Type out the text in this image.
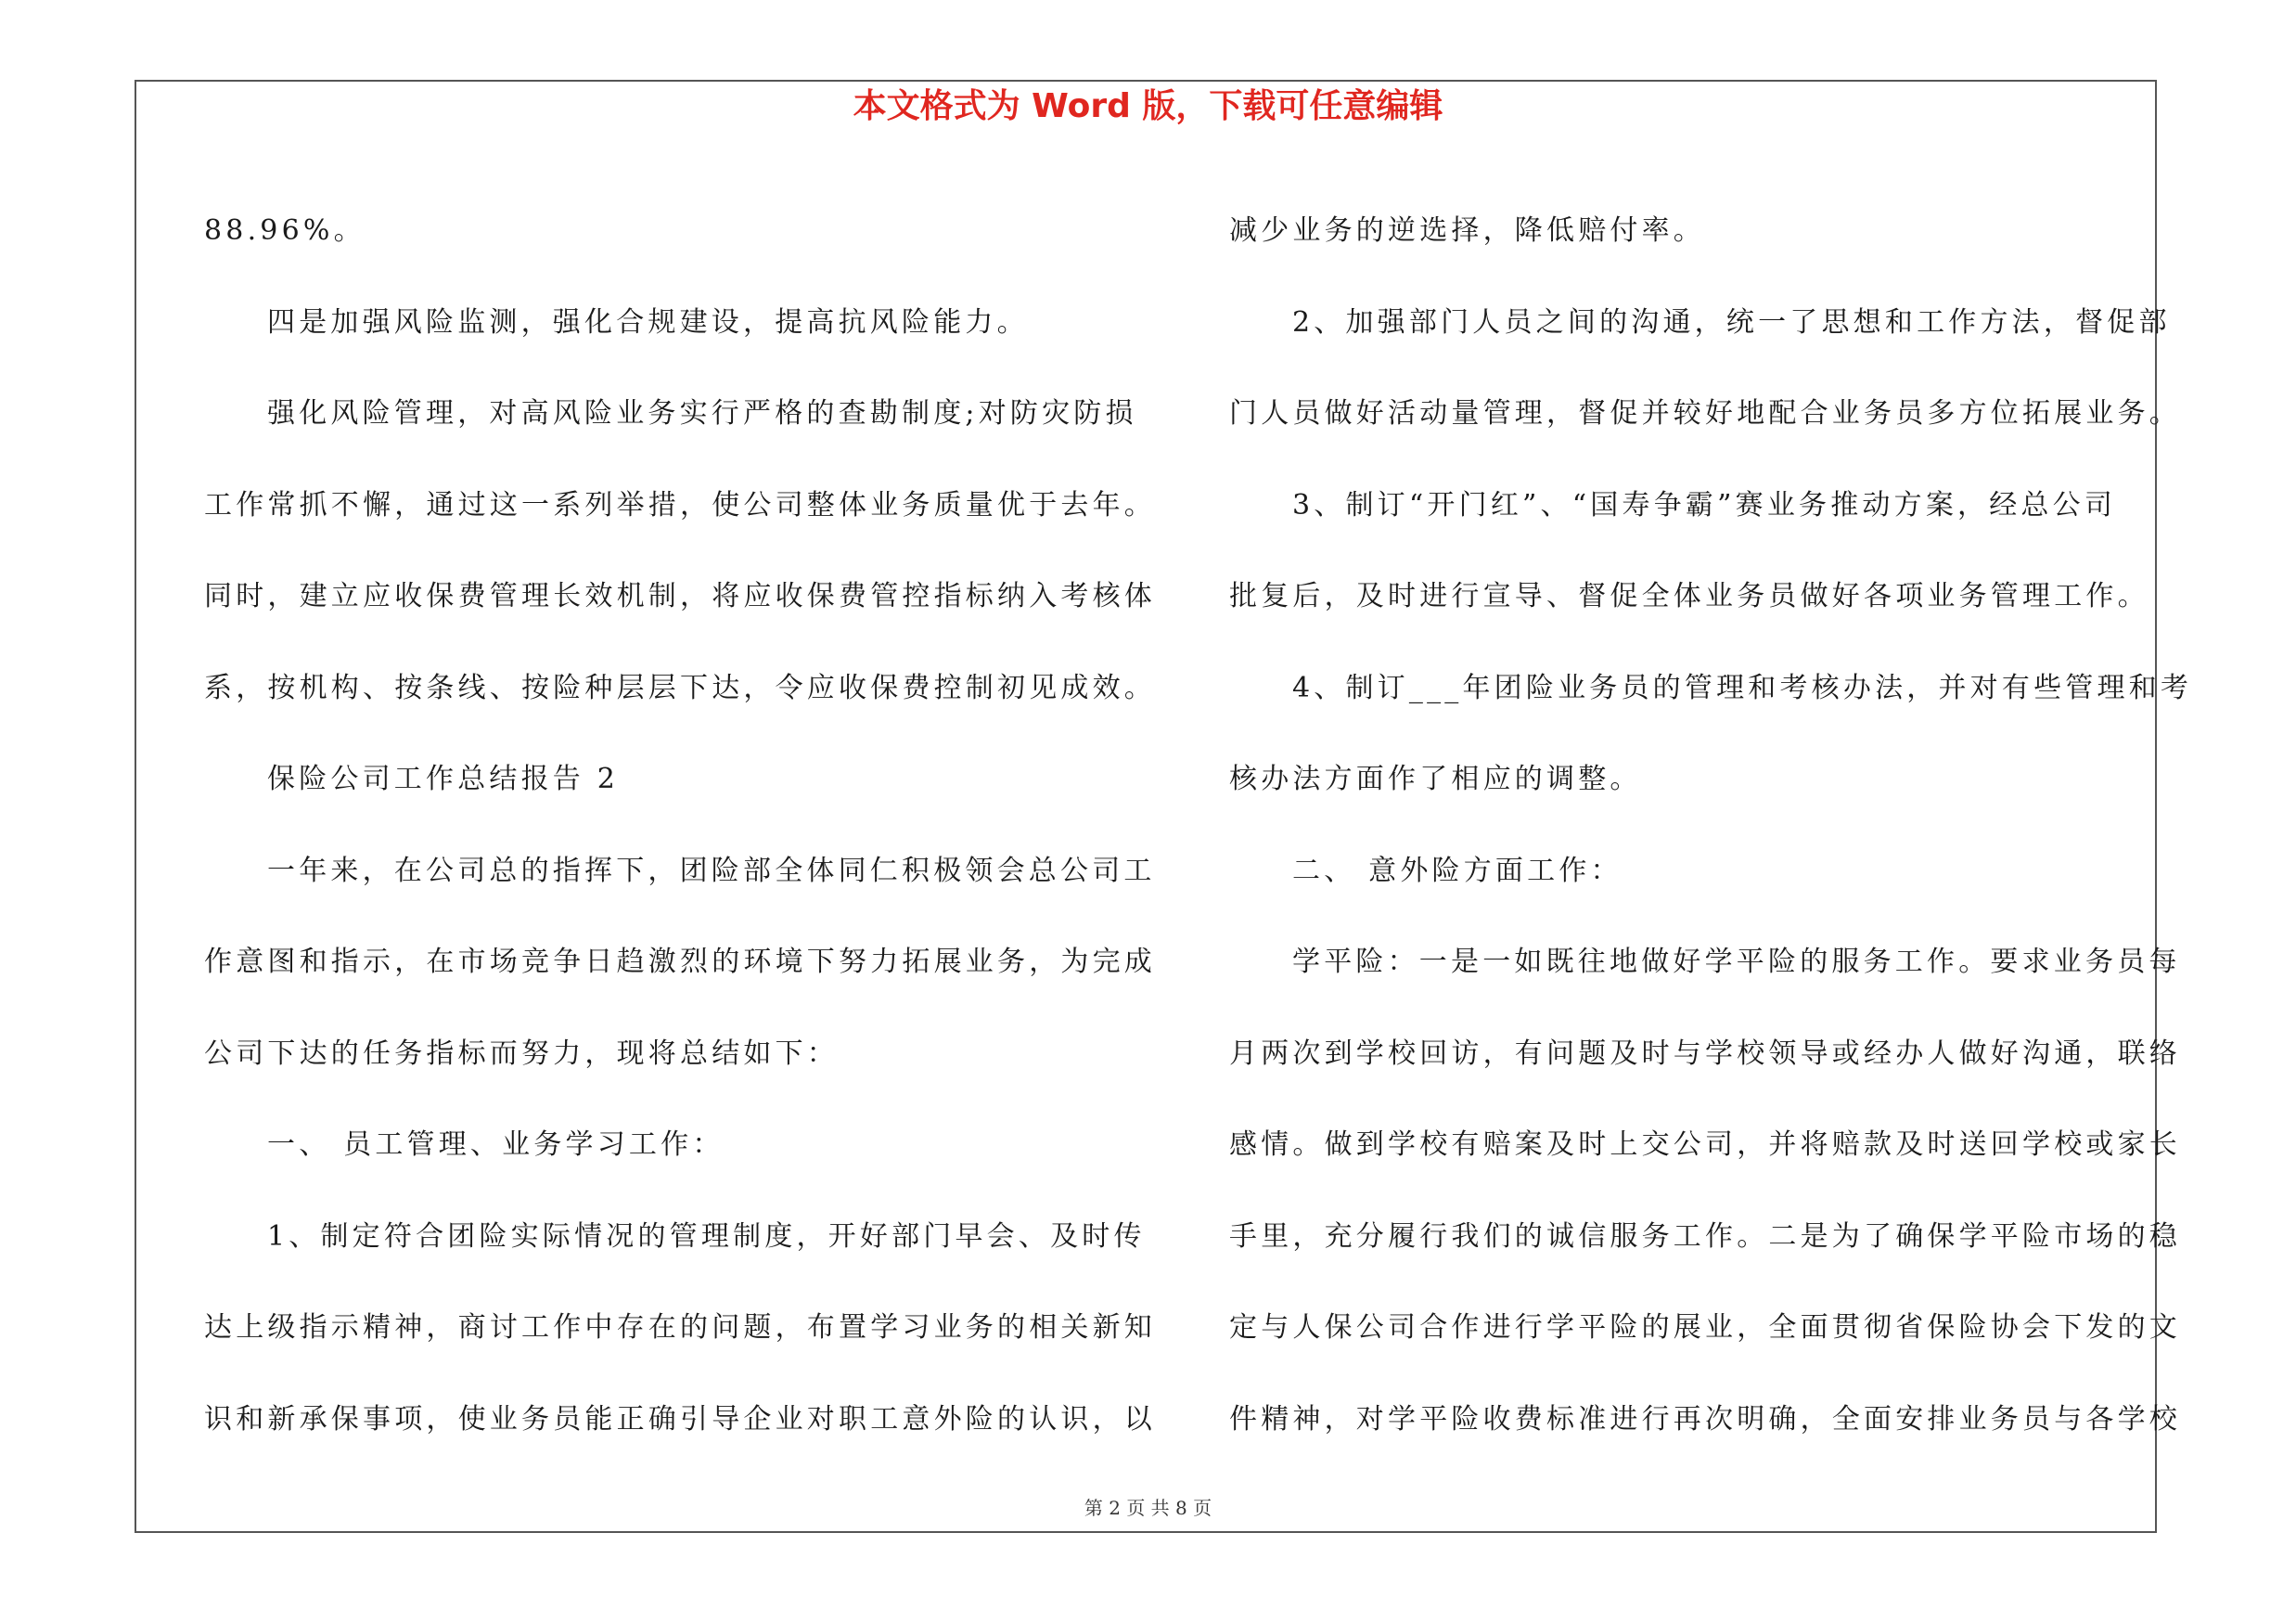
本文格式为 Word 版，下载可任意编辑
88.96%。
四是加强风险监测，强化合规建设，提高抗风险能力。
强化风险管理，对高风险业务实行严格的查勘制度;对防灾防损
工作常抓不懈，通过这一系列举措，使公司整体业务质量优于去年。
同时，建立应收保费管理长效机制，将应收保费管控指标纳入考核体
系，按机构、按条线、按险种层层下达，令应收保费控制初见成效。
保险公司工作总结报告 2
一年来，在公司总的指挥下，团险部全体同仁积极领会总公司工
作意图和指示，在市场竞争日趋激烈的环境下努力拓展业务，为完成
公司下达的任务指标而努力，现将总结如下：
一、 员工管理、业务学习工作：
1、制定符合团险实际情况的管理制度，开好部门早会、及时传
达上级指示精神，商讨工作中存在的问题，布置学习业务的相关新知
识和新承保事项，使业务员能正确引导企业对职工意外险的认识，以
减少业务的逆选择，降低赔付率。
2、加强部门人员之间的沟通，统一了思想和工作方法，督促部
门人员做好活动量管理，督促并较好地配合业务员多方位拓展业务。
3、制订“开门红”、“国寿争霸”赛业务推动方案，经总公司
批复后，及时进行宣导、督促全体业务员做好各项业务管理工作。
4、制订___年团险业务员的管理和考核办法，并对有些管理和考
核办法方面作了相应的调整。
二、 意外险方面工作：
学平险：一是一如既往地做好学平险的服务工作。要求业务员每
月两次到学校回访，有问题及时与学校领导或经办人做好沟通，联络
感情。做到学校有赔案及时上交公司，并将赔款及时送回学校或家长
手里，充分履行我们的诚信服务工作。二是为了确保学平险市场的稳
定与人保公司合作进行学平险的展业，全面贯彻省保险协会下发的文
件精神，对学平险收费标准进行再次明确，全面安排业务员与各学校
第 2 页 共 8 页
